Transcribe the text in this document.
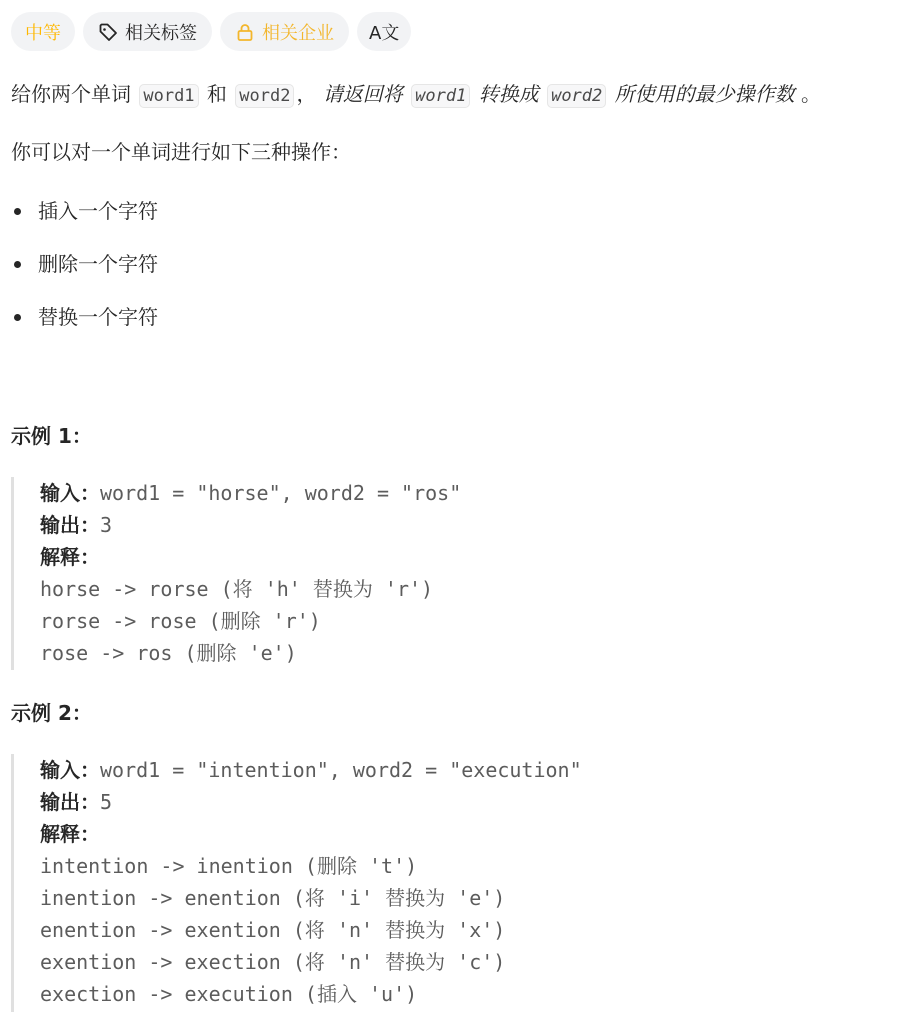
中等	相关标签	相关企业 A文
给你两个单词 word1 和 word2 ， 请返回将 word1 转换成 word2 所使用的最少操作数 。
你可以对一个单词进行如下三种操作：
插入一个字符
删除一个字符
替换一个字符
示例 1：
输入：word1 = "horse", word2 = "ros"
输出：3
解释：
horse -> rorse (将 'h' 替换为 'r')
rorse -> rose (删除 'r')
rose -> ros (删除 'e')
示例 2：
输入：word1 = "intention", word2 = "execution"
输出：5
解释：
intention -> inention (删除 't')
inention -> enention (将 'i' 替换为 'e')
enention -> exention (将 'n' 替换为 'x')
exention -> exection (将 'n' 替换为 'c')
exection -> execution (插入 'u')
